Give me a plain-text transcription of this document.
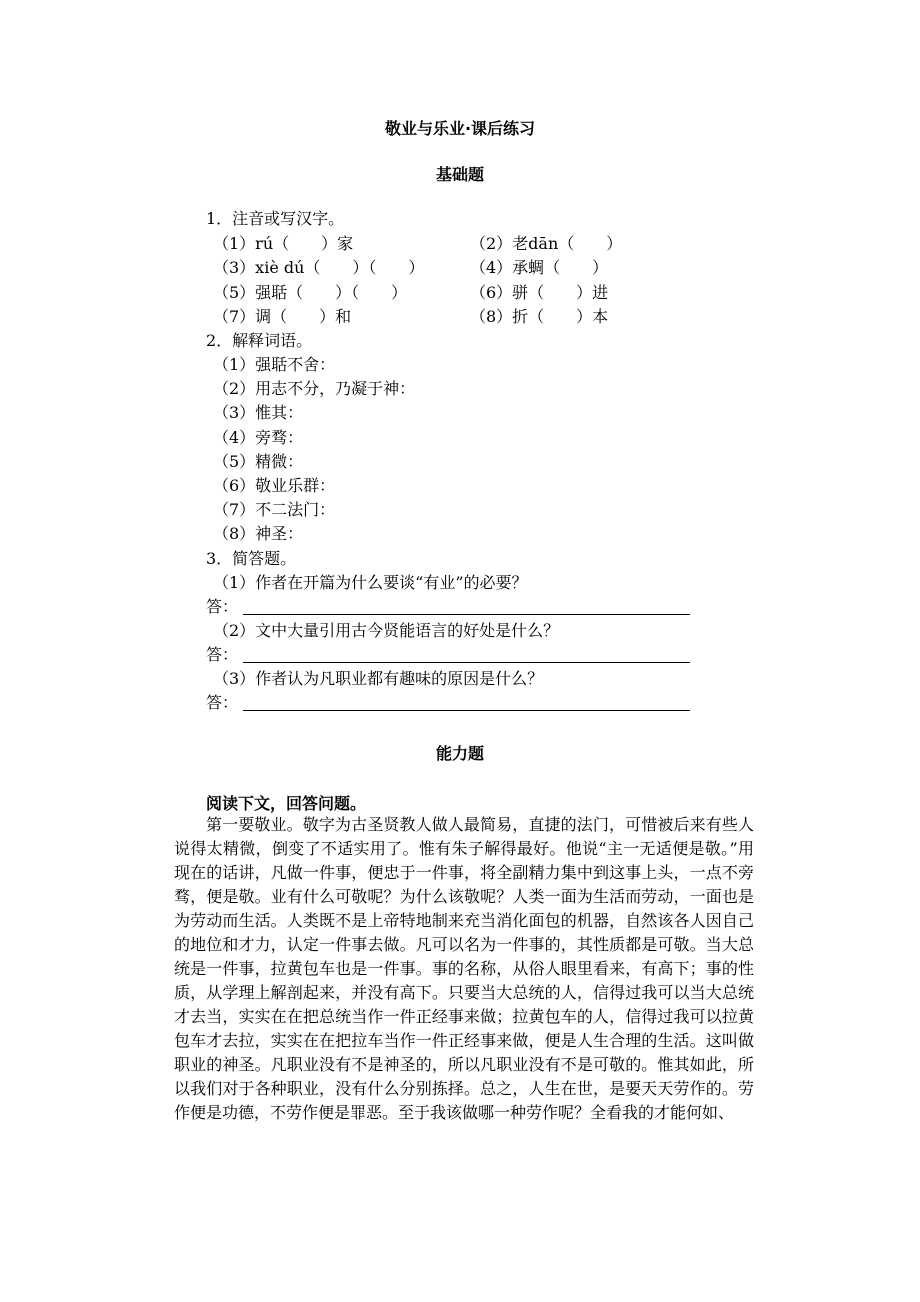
敬业与乐业·课后练习
基础题
1．注音或写汉字。
（1）rú（　　）家	（2）老dān（　　）
（3）xiè dú（　　）（　　）	（4）承蜩（　　）
（5）强聒（　　）（　　）	（6）骈（　　）进
（7）调（　　）和	（8）折（　　）本
2．解释词语。
（1）强聒不舍：
（2）用志不分，乃凝于神：
（3）惟其：
（4）旁骛：
（5）精微：
（6）敬业乐群：
（7）不二法门：
（8）神圣：
3．简答题。
（1）作者在开篇为什么要谈“有业”的必要？
答：
（2）文中大量引用古今贤能语言的好处是什么？
答：
（3）作者认为凡职业都有趣味的原因是什么？
答：
能力题
阅读下文，回答问题。

第一要敬业。敬字为古圣贤教人做人最简易，直捷的法门，可惜被后来有些人说得太精微，倒变了不适实用了。惟有朱子解得最好。他说“主一无适便是敬。”用现在的话讲，凡做一件事，便忠于一件事，将全副精力集中到这事上头，一点不旁骛，便是敬。业有什么可敬呢？为什么该敬呢？人类一面为生活而劳动，一面也是为劳动而生活。人类既不是上帝特地制来充当消化面包的机器，自然该各人因自己的地位和才力，认定一件事去做。凡可以名为一件事的，其性质都是可敬。当大总统是一件事，拉黄包车也是一件事。事的名称，从俗人眼里看来，有高下；事的性质，从学理上解剖起来，并没有高下。只要当大总统的人，信得过我可以当大总统才去当，实实在在把总统当作一件正经事来做；拉黄包车的人，信得过我可以拉黄包车才去拉，实实在在把拉车当作一件正经事来做，便是人生合理的生活。这叫做职业的神圣。凡职业没有不是神圣的，所以凡职业没有不是可敬的。惟其如此，所以我们对于各种职业，没有什么分别拣择。总之，人生在世，是要天天劳作的。劳作便是功德，不劳作便是罪恶。至于我该做哪一种劳作呢？全看我的才能何如、
